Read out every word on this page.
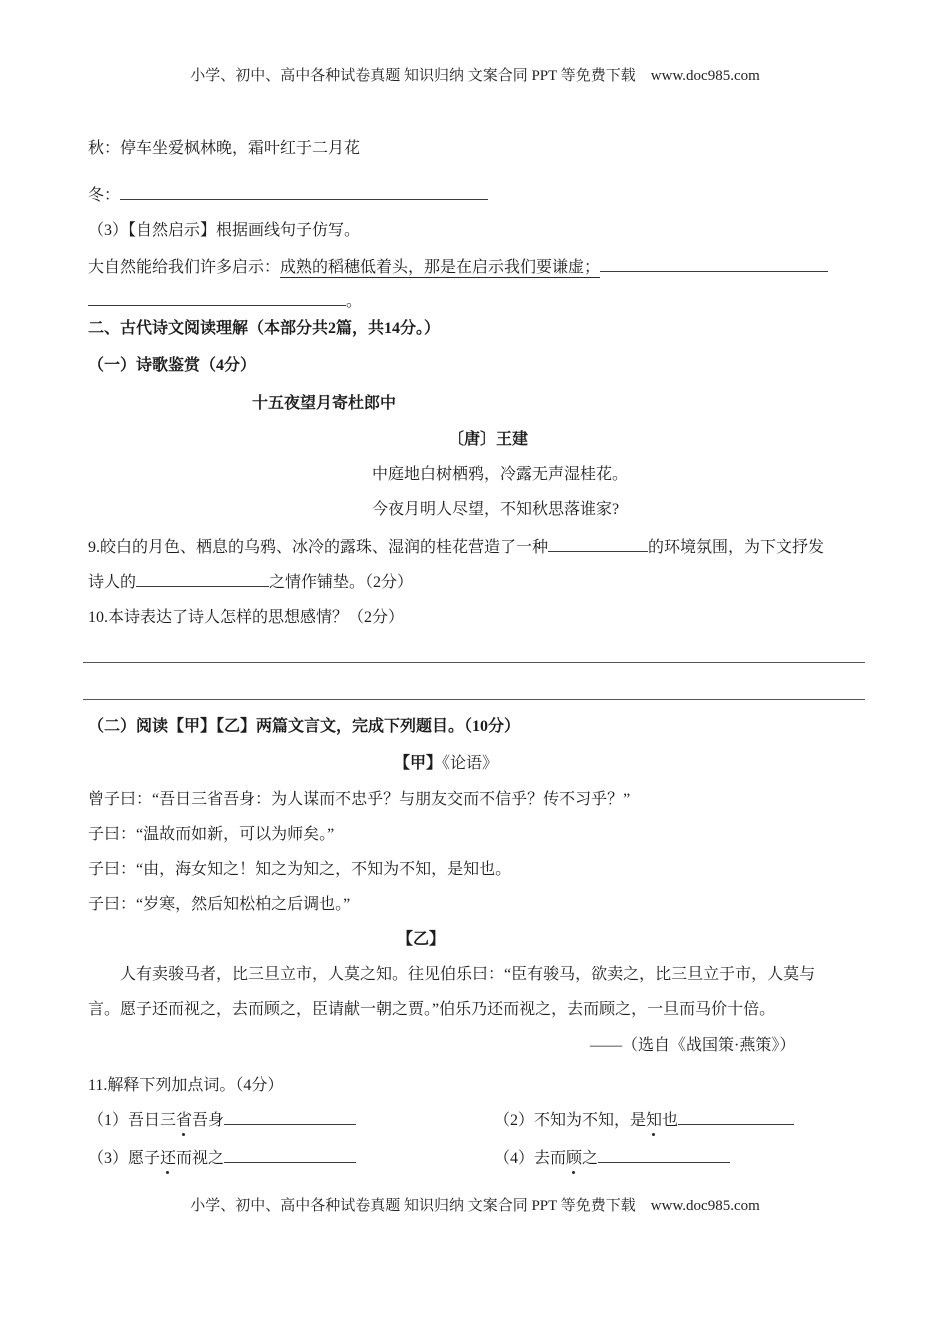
小学、初中、高中各种试卷真题 知识归纳 文案合同 PPT 等免费下载　www.doc985.com
秋：停车坐爱枫林晚，霜叶红于二月花
冬：
（3）【自然启示】根据画线句子仿写。
大自然能给我们许多启示：成熟的稻穗低着头，那是在启示我们要谦虚；
。
二、古代诗文阅读理解（本部分共2篇，共14分。）
（一）诗歌鉴赏（4分）
十五夜望月寄杜郎中
〔唐〕王建
中庭地白树栖鸦，冷露无声湿桂花。
今夜月明人尽望，不知秋思落谁家?
9.皎白的月色、栖息的乌鸦、冰冷的露珠、湿润的桂花营造了一种	的环境氛围，为下文抒发
诗人的	之情作铺垫。（2分）
10.本诗表达了诗人怎样的思想感情？（2分）
（二）阅读【甲】【乙】两篇文言文，完成下列题目。（10分）
【甲】《论语》
曾子曰：“吾日三省吾身：为人谋而不忠乎？与朋友交而不信乎？传不习乎？”
子曰：“温故而如新，可以为师矣。”
子曰：“由，海女知之！知之为知之，不知为不知，是知也。
子曰：“岁寒，然后知松柏之后调也。”
【乙】
人有卖骏马者，比三旦立市，人莫之知。往见伯乐曰：“臣有骏马，欲卖之，比三旦立于市，人莫与
言。愿子还而视之，去而顾之，臣请献一朝之贾。”伯乐乃还而视之，去而顾之，一旦而马价十倍。
——（选自《战国策·燕策》）
11.解释下列加点词。（4分）
（1）吾日三省吾身	（2）不知为不知，是知也
（3）愿子还而视之	（4）去而顾之
小学、初中、高中各种试卷真题 知识归纳 文案合同 PPT 等免费下载　www.doc985.com
